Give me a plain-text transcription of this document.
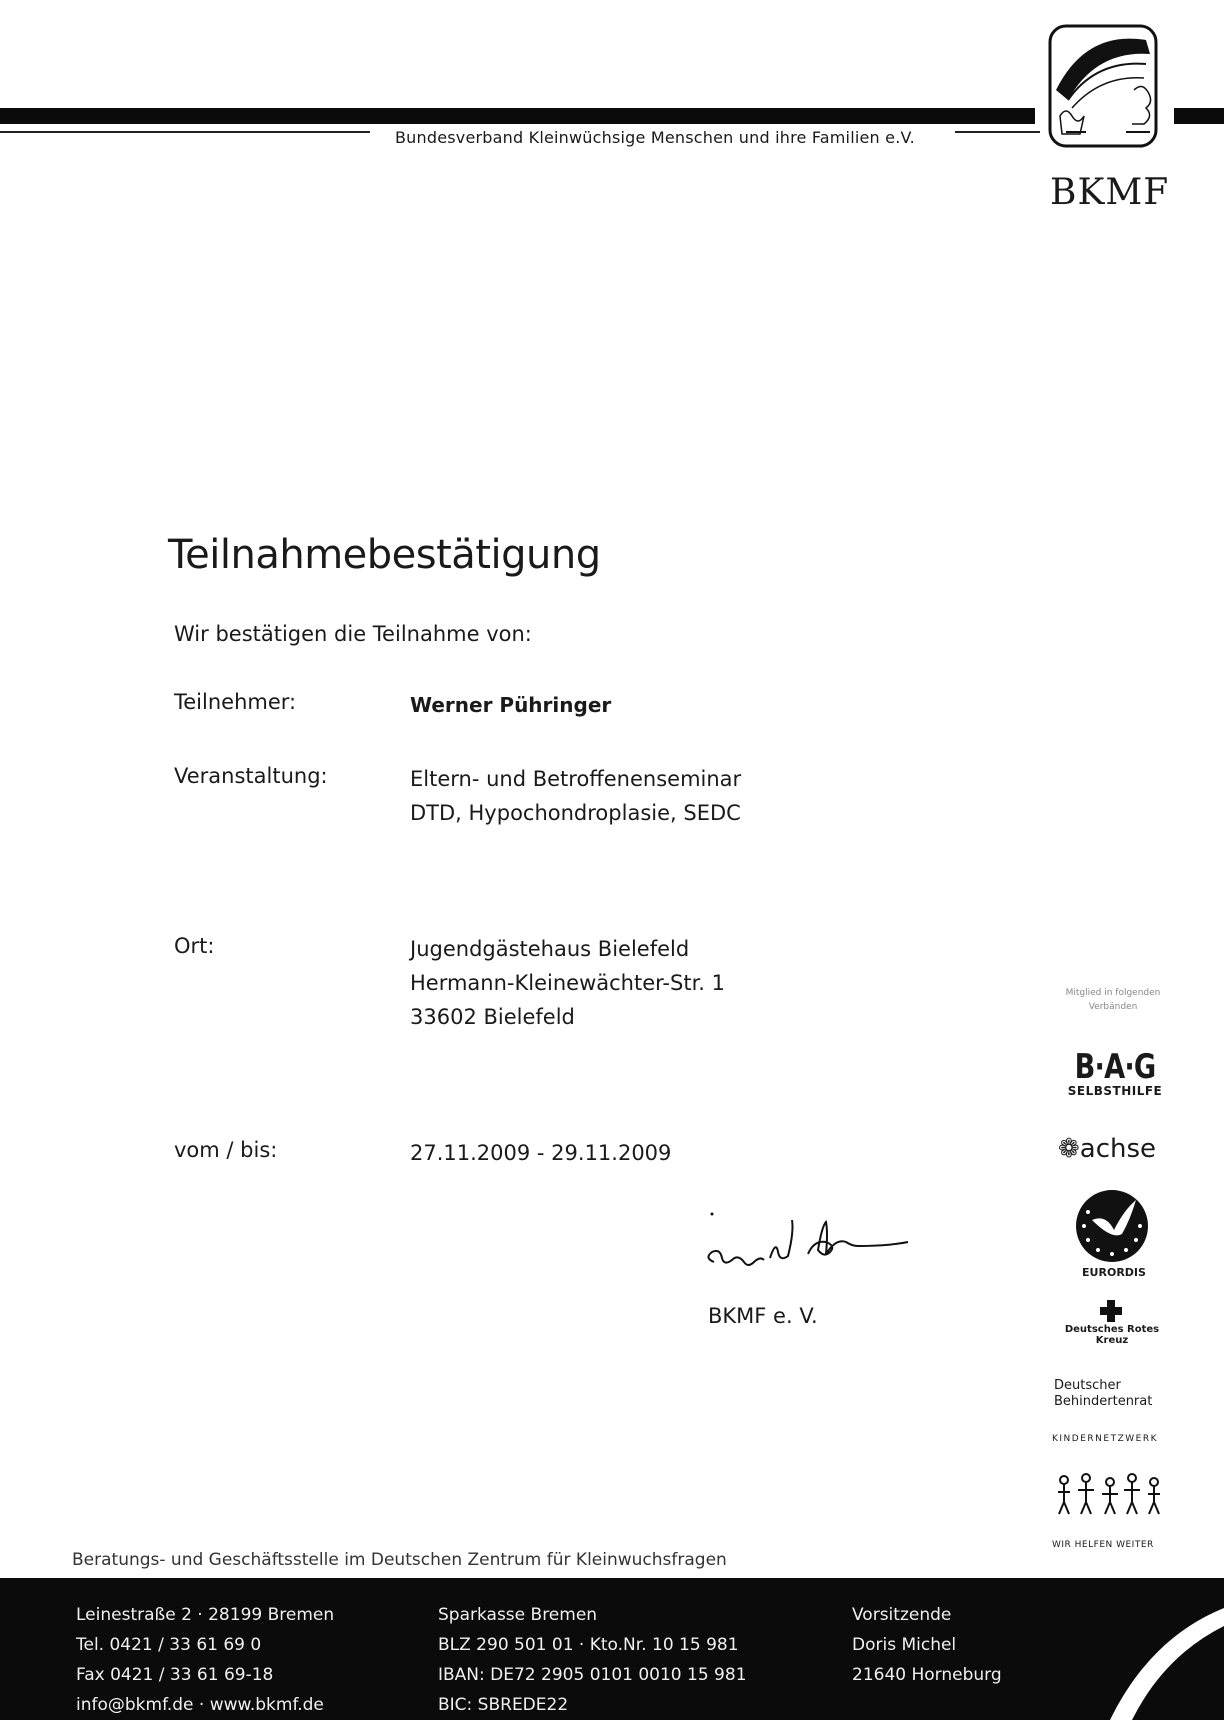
Bundesverband Kleinwüchsige Menschen und ihre Familien e.V.
BKMF
Teilnahmebestätigung
Wir bestätigen die Teilnahme von:
Teilnehmer:	Werner Pühringer
Veranstaltung:	Eltern- und Betroffenenseminar
DTD, Hypochondroplasie, SEDC
Ort:	Jugendgästehaus Bielefeld
Hermann-Kleinewächter-Str. 1
33602 Bielefeld
vom / bis:	27.11.2009 - 29.11.2009
BKMF e. V.
Mitglied in folgenden
Verbänden
B·A·G
SELBSTHILFE
❁achse
EURORDIS
Deutsches Rotes Kreuz
Deutscher
Behindertenrat
KINDERNETZWERK
WIR HELFEN WEITER
Beratungs- und Geschäftsstelle im Deutschen Zentrum für Kleinwuchsfragen
Leinestraße 2 · 28199 Bremen
Tel. 0421 / 33 61 69 0
Fax 0421 / 33 61 69-18
info@bkmf.de · www.bkmf.de
Sparkasse Bremen
BLZ 290 501 01 · Kto.Nr. 10 15 981
IBAN: DE72 2905 0101 0010 15 981
BIC: SBREDE22
Vorsitzende
Doris Michel
21640 Horneburg
